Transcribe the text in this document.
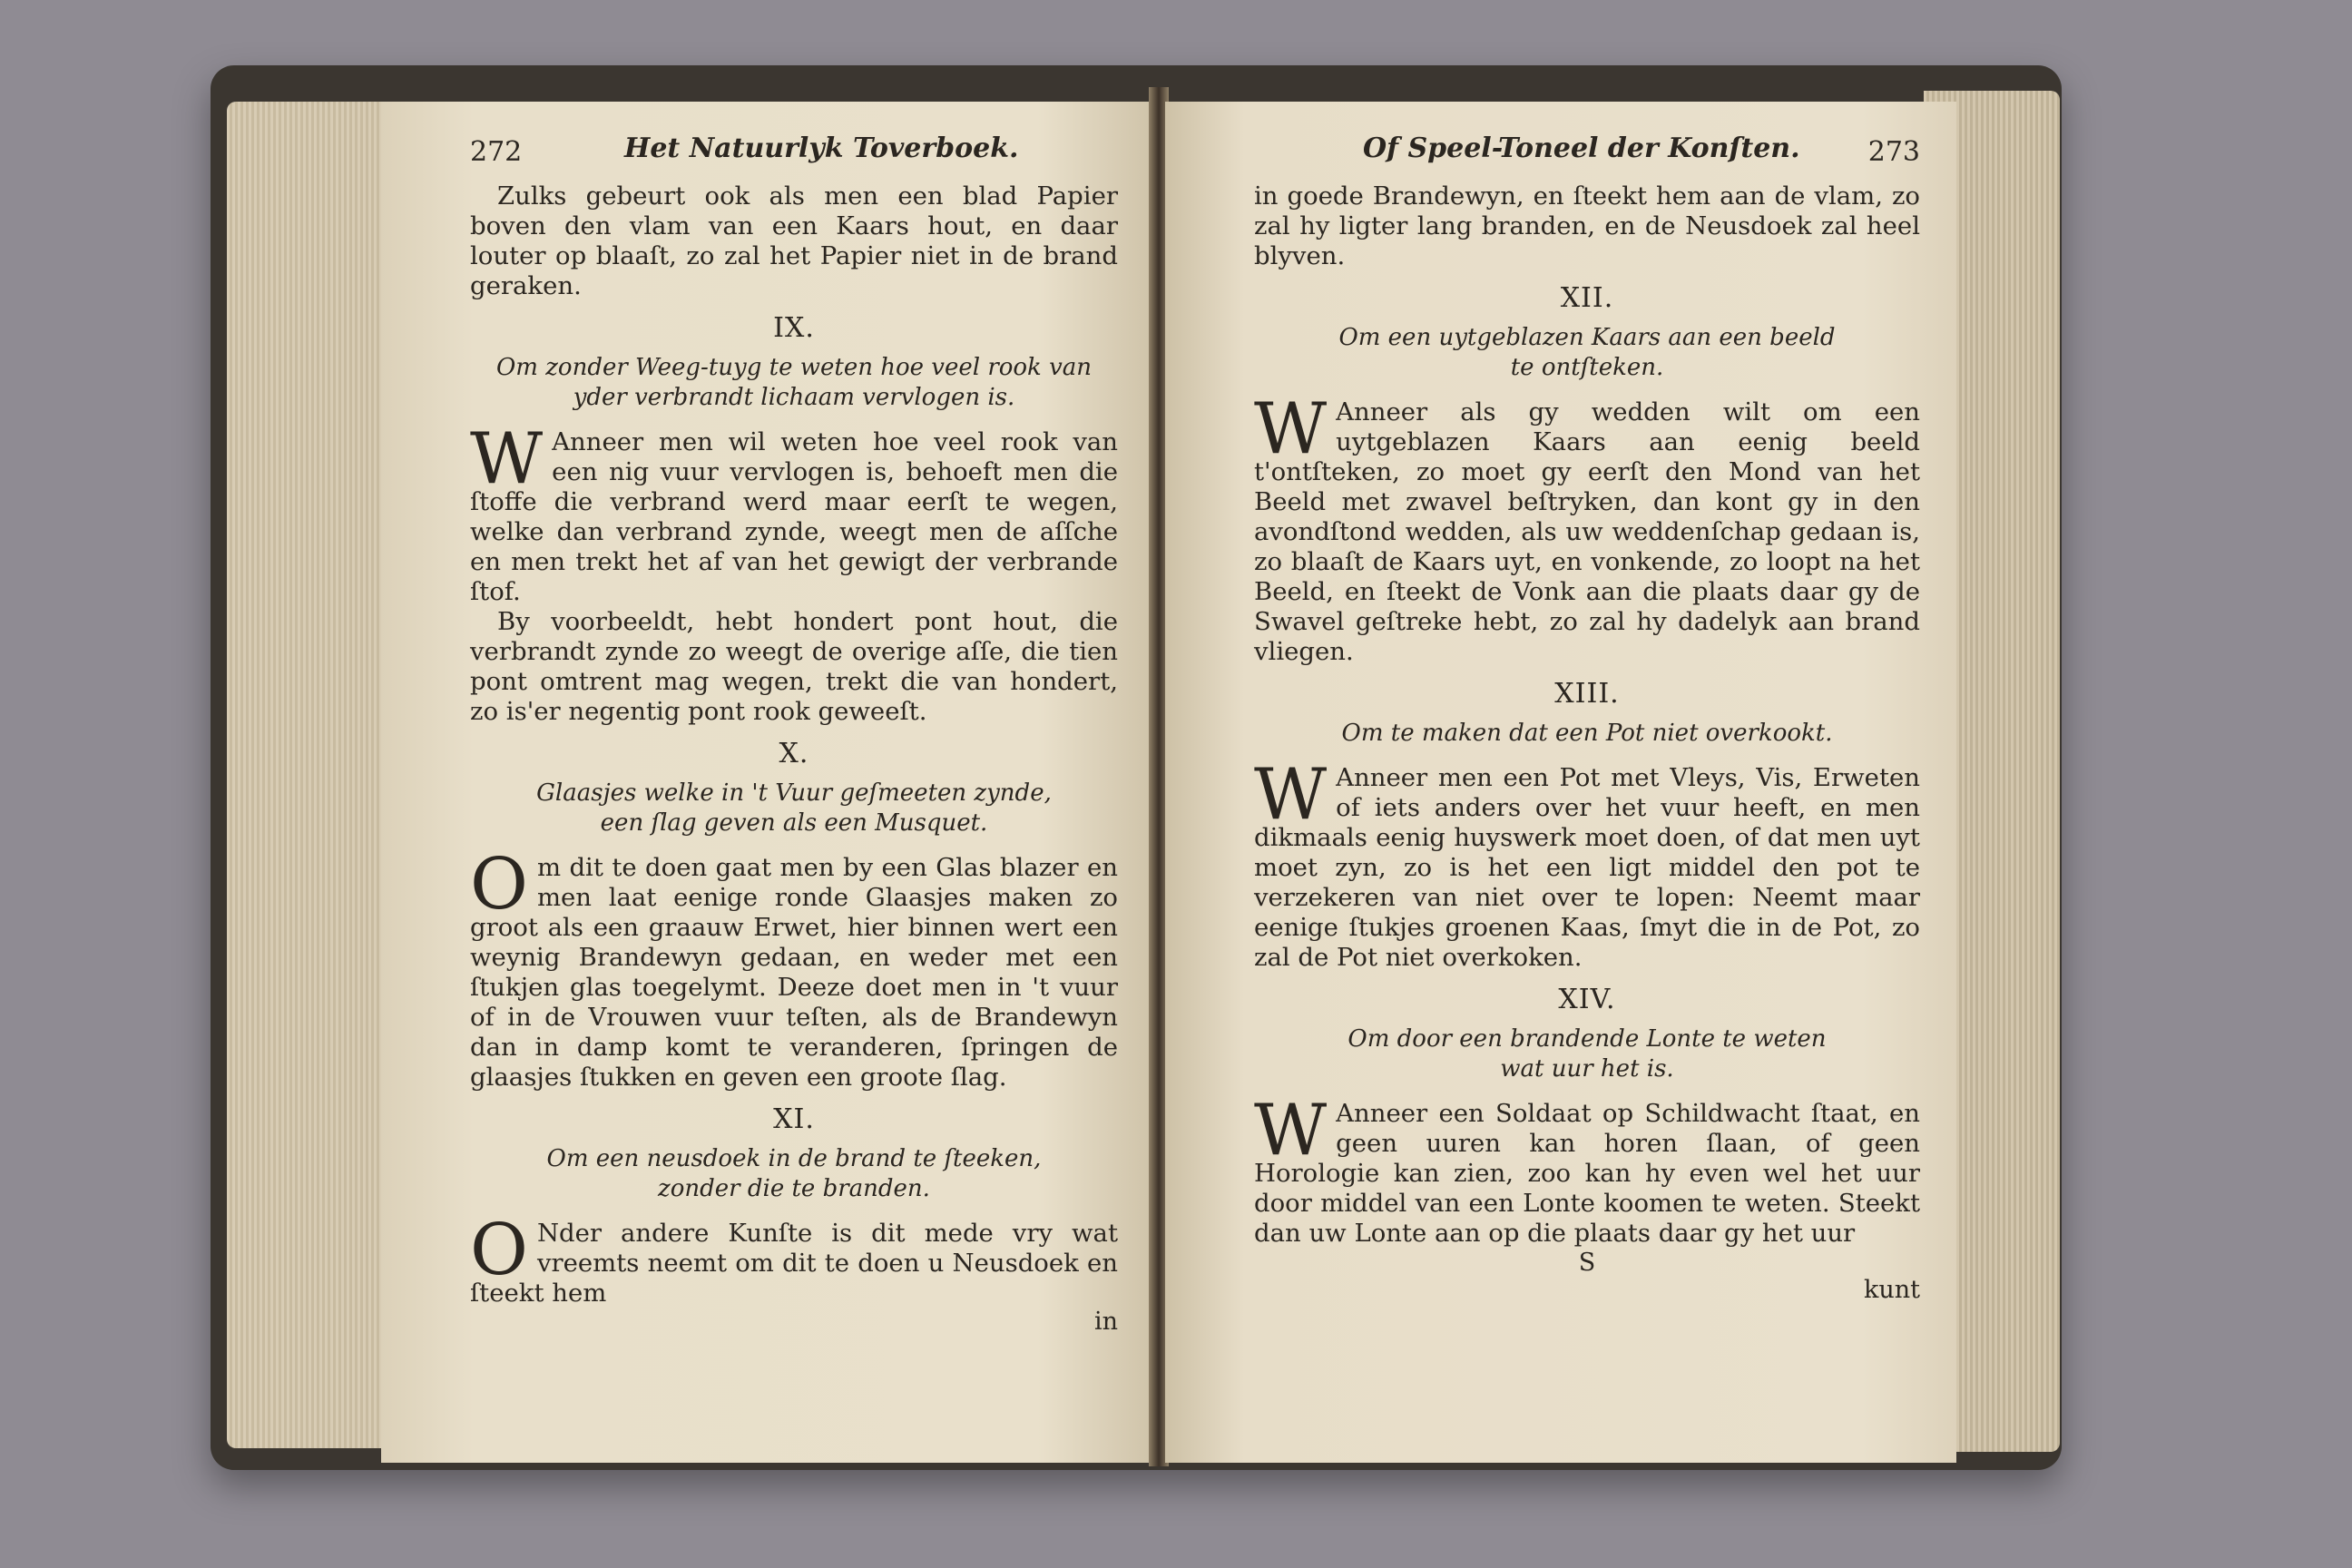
272	Het Natuurlyk Toverboek.

Zulks gebeurt ook als men een blad Papier boven den vlam van een Kaars hout, en daar louter op blaaſt, zo zal het Papier niet in de brand geraken.

IX.
Om zonder Weeg-tuyg te weten hoe veel rook van
yder verbrandt lichaam vervlogen is.

W Anneer men wil weten hoe veel rook van een nig vuur vervlogen is, behoeft men die ſtoffe die verbrand werd maar eerſt te wegen, welke dan verbrand zynde, weegt men de aſſche en men trekt het af van het gewigt der verbrande ſtof.

By voorbeeldt, hebt hondert pont hout, die verbrandt zynde zo weegt de overige aſſe, die tien pont omtrent mag wegen, trekt die van hondert, zo is'er negentig pont rook geweeſt.

X.
Glaasjes welke in 't Vuur geſmeeten zynde,
een ſlag geven als een Musquet.

Om dit te doen gaat men by een Glas blazer en men laat eenige ronde Glaasjes maken zo groot als een graauw Erwet, hier binnen wert een weynig Brandewyn gedaan, en weder met een ſtukjen glas toegelymt. Deeze doet men in 't vuur of in de Vrouwen vuur teſten, als de Brandewyn dan in damp komt te veranderen, ſpringen de glaasjes ſtukken en geven een groote ſlag.

XI.
Om een neusdoek in de brand te ſteeken,
zonder die te branden.

O Nder andere Kunſte is dit mede vry wat vreemts neemt om dit te doen u Neusdoek en ſteekt hem

in
Of Speel-Toneel der Konſten.	273

in goede Brandewyn, en ſteekt hem aan de vlam, zo zal hy ligter lang branden, en de Neusdoek zal heel blyven.

XII.
Om een uytgeblazen Kaars aan een beeld
te ontſteken.

W Anneer als gy wedden wilt om een uytgeblazen Kaars aan eenig beeld t'ontſteken, zo moet gy eerſt den Mond van het Beeld met zwavel beſtryken, dan kont gy in den avondſtond wedden, als uw weddenſchap gedaan is, zo blaaſt de Kaars uyt, en vonkende, zo loopt na het Beeld, en ſteekt de Vonk aan die plaats daar gy de Swavel geſtreke hebt, zo zal hy dadelyk aan brand vliegen.

XIII.
Om te maken dat een Pot niet overkookt.

W Anneer men een Pot met Vleys, Vis, Erweten of iets anders over het vuur heeft, en men dikmaals eenig huyswerk moet doen, of dat men uyt moet zyn, zo is het een ligt middel den pot te verzekeren van niet over te lopen: Neemt maar eenige ſtukjes groenen Kaas, ſmyt die in de Pot, zo zal de Pot niet overkoken.

XIV.
Om door een brandende Lonte te weten
wat uur het is.

W Anneer een Soldaat op Schildwacht ſtaat, en geen uuren kan horen ſlaan, of geen Horologie kan zien, zoo kan hy even wel het uur door middel van een Lonte koomen te weten. Steekt dan uw Lonte aan op die plaats daar gy het uur

S
kunt
